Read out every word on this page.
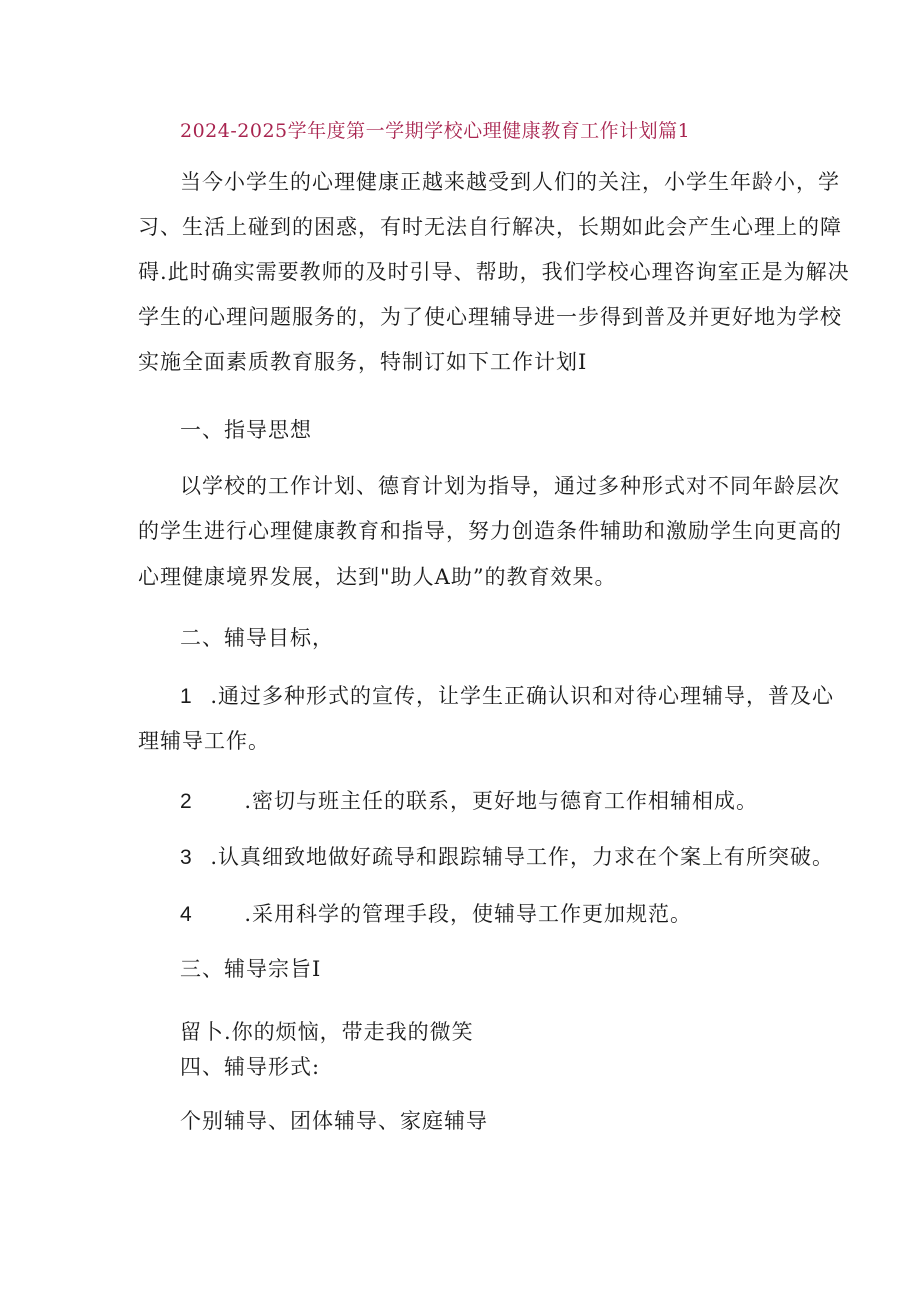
2024-2025学年度第一学期学校心理健康教育工作计划篇1
当今小学生的心理健康正越来越受到人们的关注，小学生年龄小，学
习、生活上碰到的困惑，有时无法自行解决，长期如此会产生心理上的障
碍.此时确实需要教师的及时引导、帮助，我们学校心理咨询室正是为解决
学生的心理问题服务的，为了使心理辅导进一步得到普及并更好地为学校
实施全面素质教育服务，特制订如下工作计划I
一、指导思想
以学校的工作计划、德育计划为指导，通过多种形式对不同年龄层次
的学生进行心理健康教育和指导，努力创造条件辅助和激励学生向更高的
心理健康境界发展，达到"助人A助”的教育效果。
二、辅导目标，
1 .通过多种形式的宣传，让学生正确认识和对待心理辅导，普及心
理辅导工作。
2 .密切与班主任的联系，更好地与德育工作相辅相成。
3 .认真细致地做好疏导和跟踪辅导工作，力求在个案上有所突破。
4 .采用科学的管理手段，使辅导工作更加规范。
三、辅导宗旨I
留卜.你的烦恼，带走我的微笑
四、辅导形式:
个别辅导、团体辅导、家庭辅导
